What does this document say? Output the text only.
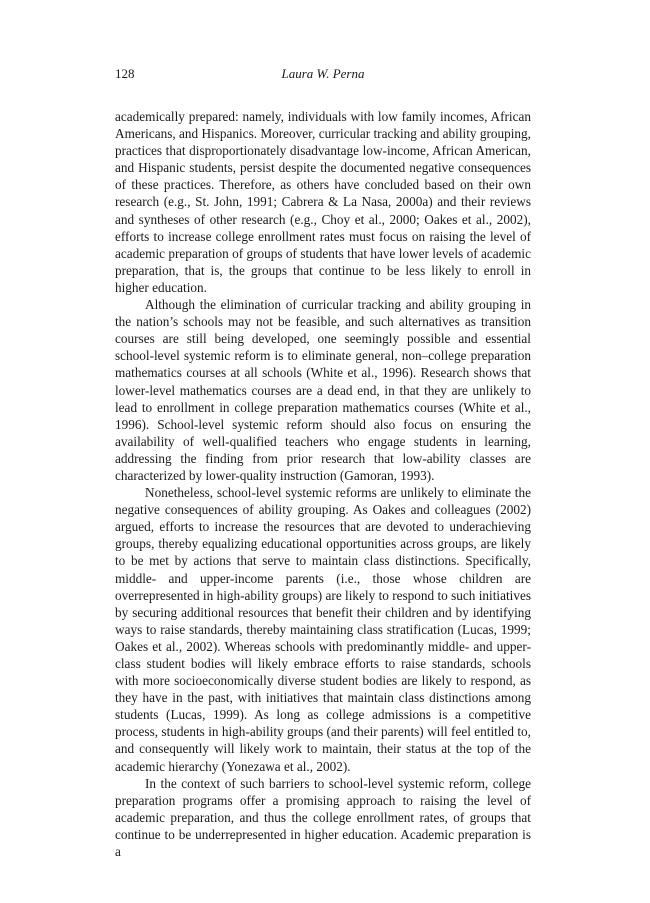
128	Laura W. Perna

academically prepared: namely, individuals with low family incomes, African Americans, and Hispanics. Moreover, curricular tracking and ability grouping, practices that disproportionately disadvantage low-income, African American, and Hispanic students, persist despite the documented negative consequences of these practices. Therefore, as others have concluded based on their own research (e.g., St. John, 1991; Cabrera & La Nasa, 2000a) and their reviews and syntheses of other research (e.g., Choy et al., 2000; Oakes et al., 2002), efforts to increase college enrollment rates must focus on raising the level of academic preparation of groups of students that have lower levels of academic preparation, that is, the groups that continue to be less likely to enroll in higher education.

Although the elimination of curricular tracking and ability grouping in the nation’s schools may not be feasible, and such alternatives as transition courses are still being developed, one seemingly possible and essential school-level systemic reform is to eliminate general, non–college preparation mathematics courses at all schools (White et al., 1996). Research shows that lower-level mathematics courses are a dead end, in that they are unlikely to lead to enrollment in college preparation mathematics courses (White et al., 1996). School-level systemic reform should also focus on ensuring the availability of well-qualified teachers who engage students in learning, addressing the finding from prior research that low-ability classes are characterized by lower-quality instruction (Gamoran, 1993).

Nonetheless, school-level systemic reforms are unlikely to eliminate the negative consequences of ability grouping. As Oakes and colleagues (2002) argued, efforts to increase the resources that are devoted to underachieving groups, thereby equalizing educational opportunities across groups, are likely to be met by actions that serve to maintain class distinctions. Specifically, middle- and upper-income parents (i.e., those whose children are overrepresented in high-ability groups) are likely to respond to such initiatives by securing additional resources that benefit their children and by identifying ways to raise standards, thereby maintaining class stratification (Lucas, 1999; Oakes et al., 2002). Whereas schools with predominantly middle- and upper-class student bodies will likely embrace efforts to raise standards, schools with more socioeconomically diverse student bodies are likely to respond, as they have in the past, with initiatives that maintain class distinctions among students (Lucas, 1999). As long as college admissions is a competitive process, students in high-ability groups (and their parents) will feel entitled to, and consequently will likely work to maintain, their status at the top of the academic hierarchy (Yonezawa et al., 2002).

In the context of such barriers to school-level systemic reform, college preparation programs offer a promising approach to raising the level of academic preparation, and thus the college enrollment rates, of groups that continue to be underrepresented in higher education. Academic preparation is a
